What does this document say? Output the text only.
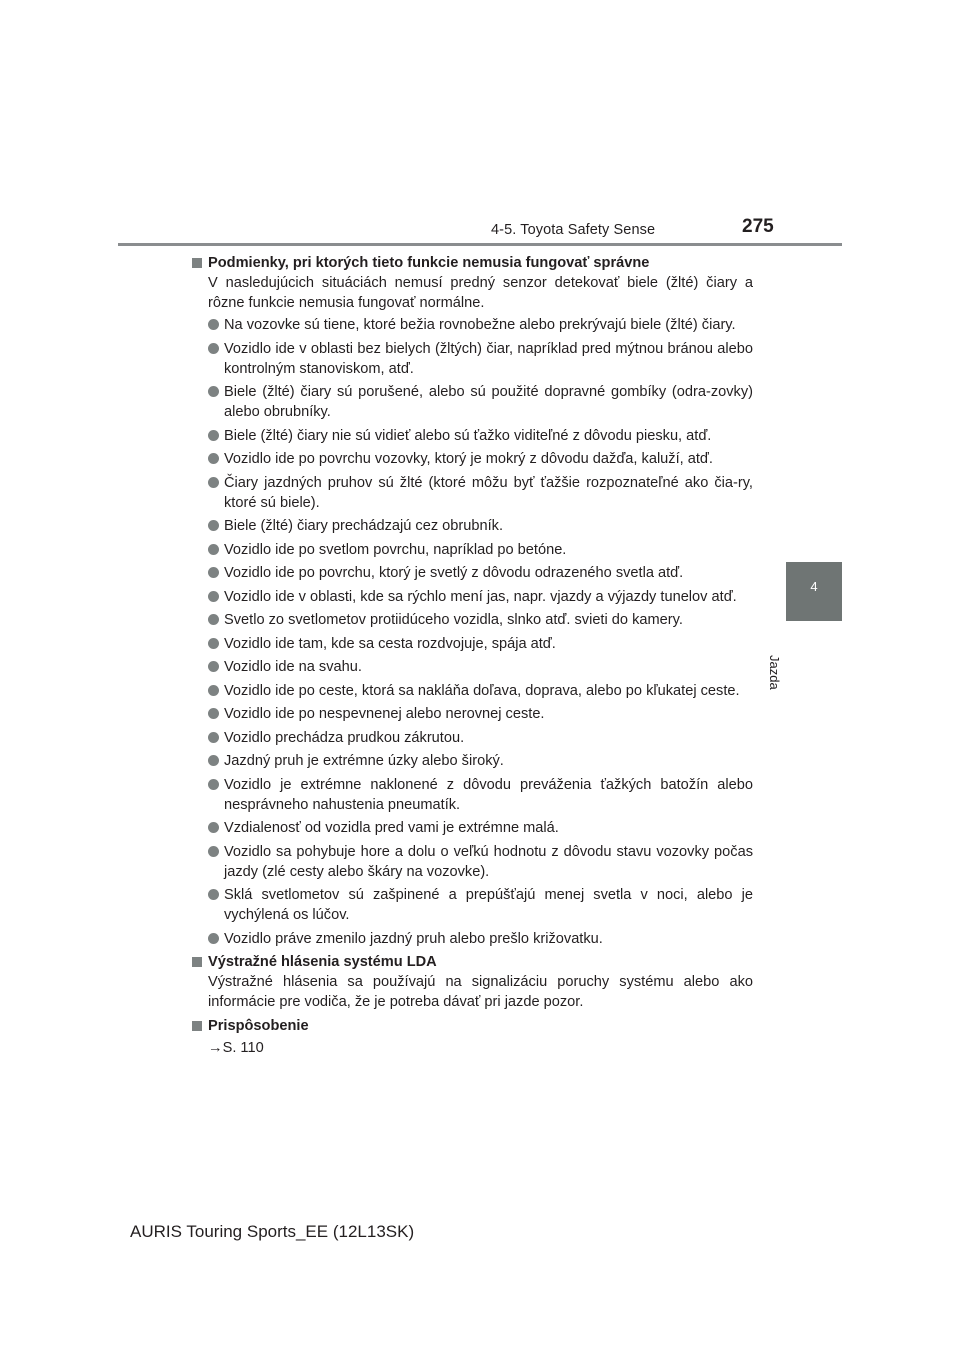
4-5. Toyota Safety Sense	275
4
Jazda
Podmienky, pri ktorých tieto funkcie nemusia fungovať správne
V nasledujúcich situáciách nemusí predný senzor detekovať biele (žlté) čiary a rôzne funkcie nemusia fungovať normálne.
Na vozovke sú tiene, ktoré bežia rovnobežne alebo prekrývajú biele (žlté) čiary.
Vozidlo ide v oblasti bez bielych (žltých) čiar, napríklad pred mýtnou bránou alebo kontrolným stanoviskom, atď.
Biele (žlté) čiary sú porušené, alebo sú použité dopravné gombíky (odra-zovky) alebo obrubníky.
Biele (žlté) čiary nie sú vidieť alebo sú ťažko viditeľné z dôvodu piesku, atď.
Vozidlo ide po povrchu vozovky, ktorý je mokrý z dôvodu dažďa, kaluží, atď.
Čiary jazdných pruhov sú žlté (ktoré môžu byť ťažšie rozpoznateľné ako čia-ry, ktoré sú biele).
Biele (žlté) čiary prechádzajú cez obrubník.
Vozidlo ide po svetlom povrchu, napríklad po betóne.
Vozidlo ide po povrchu, ktorý je svetlý z dôvodu odrazeného svetla atď.
Vozidlo ide v oblasti, kde sa rýchlo mení jas, napr. vjazdy a výjazdy tunelov atď.
Svetlo zo svetlometov protiidúceho vozidla, slnko atď. svieti do kamery.
Vozidlo ide tam, kde sa cesta rozdvojuje, spája atď.
Vozidlo ide na svahu.
Vozidlo ide po ceste, ktorá sa nakláňa doľava, doprava, alebo po kľukatej ceste.
Vozidlo ide po nespevnenej alebo nerovnej ceste.
Vozidlo prechádza prudkou zákrutou.
Jazdný pruh je extrémne úzky alebo široký.
Vozidlo je extrémne naklonené z dôvodu preváženia ťažkých batožín alebo nesprávneho nahustenia pneumatík.
Vzdialenosť od vozidla pred vami je extrémne malá.
Vozidlo sa pohybuje hore a dolu o veľkú hodnotu z dôvodu stavu vozovky počas jazdy (zlé cesty alebo škáry na vozovke).
Sklá svetlometov sú zašpinené a prepúšťajú menej svetla v noci, alebo je vychýlená os lúčov.
Vozidlo práve zmenilo jazdný pruh alebo prešlo križovatku.
Výstražné hlásenia systému LDA
Výstražné hlásenia sa používajú na signalizáciu poruchy systému alebo ako informácie pre vodiča, že je potreba dávať pri jazde pozor.
Prispôsobenie
→S. 110
AURIS Touring Sports_EE (12L13SK)
